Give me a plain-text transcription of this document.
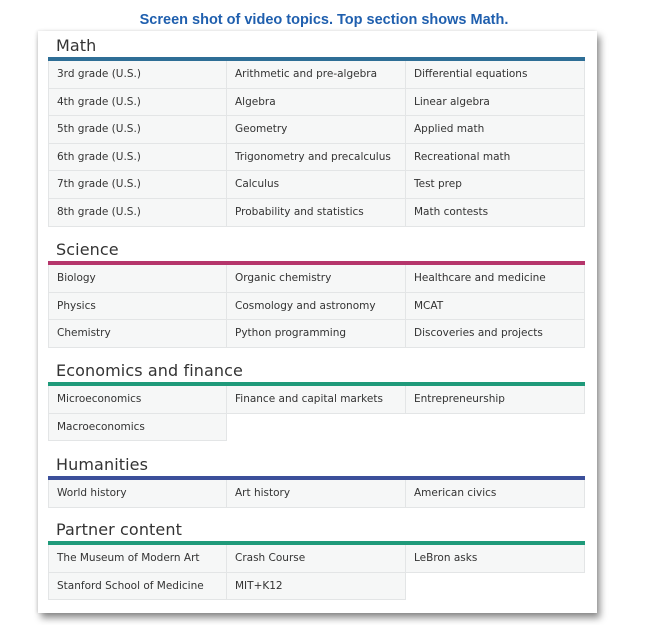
Screen shot of video topics. Top section shows Math.
Math
3rd grade (U.S.)	Arithmetic and pre-algebra	Differential equations
4th grade (U.S.)	Algebra	Linear algebra
5th grade (U.S.)	Geometry	Applied math
6th grade (U.S.)	Trigonometry and precalculus	Recreational math
7th grade (U.S.)	Calculus	Test prep
8th grade (U.S.)	Probability and statistics	Math contests
Science
Biology	Organic chemistry	Healthcare and medicine
Physics	Cosmology and astronomy	MCAT
Chemistry	Python programming	Discoveries and projects
Economics and finance
Microeconomics	Finance and capital markets	Entrepreneurship
Macroeconomics
Humanities
World history	Art history	American civics
Partner content
The Museum of Modern Art	Crash Course	LeBron asks
Stanford School of Medicine	MIT+K12
